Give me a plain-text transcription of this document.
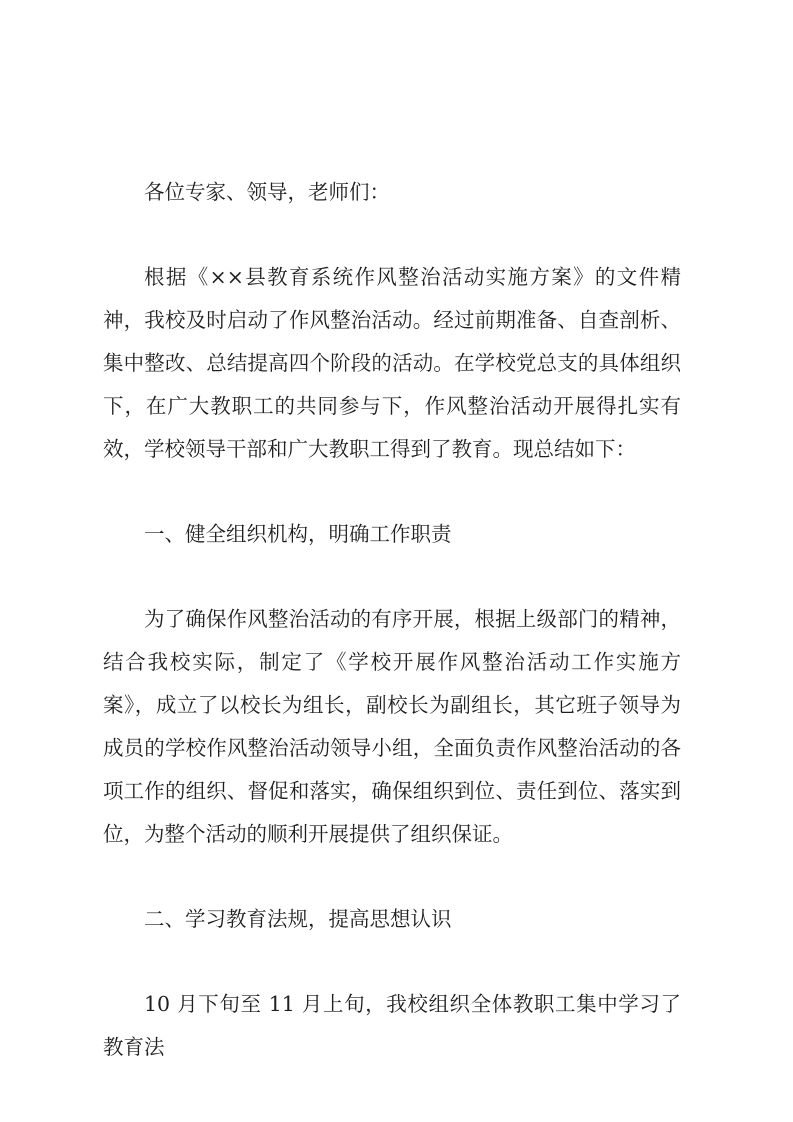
各位专家、领导，老师们：

根据《××县教育系统作风整治活动实施方案》的文件精神，我校及时启动了作风整治活动。经过前期准备、自查剖析、集中整改、总结提高四个阶段的活动。在学校党总支的具体组织下，在广大教职工的共同参与下，作风整治活动开展得扎实有效，学校领导干部和广大教职工得到了教育。现总结如下：

一、健全组织机构，明确工作职责

为了确保作风整治活动的有序开展，根据上级部门的精神，结合我校实际，制定了《学校开展作风整治活动工作实施方案》，成立了以校长为组长，副校长为副组长，其它班子领导为成员的学校作风整治活动领导小组，全面负责作风整治活动的各项工作的组织、督促和落实，确保组织到位、责任到位、落实到位，为整个活动的顺利开展提供了组织保证。

二、学习教育法规，提高思想认识

10 月下旬至 11 月上旬，我校组织全体教职工集中学习了教育法
